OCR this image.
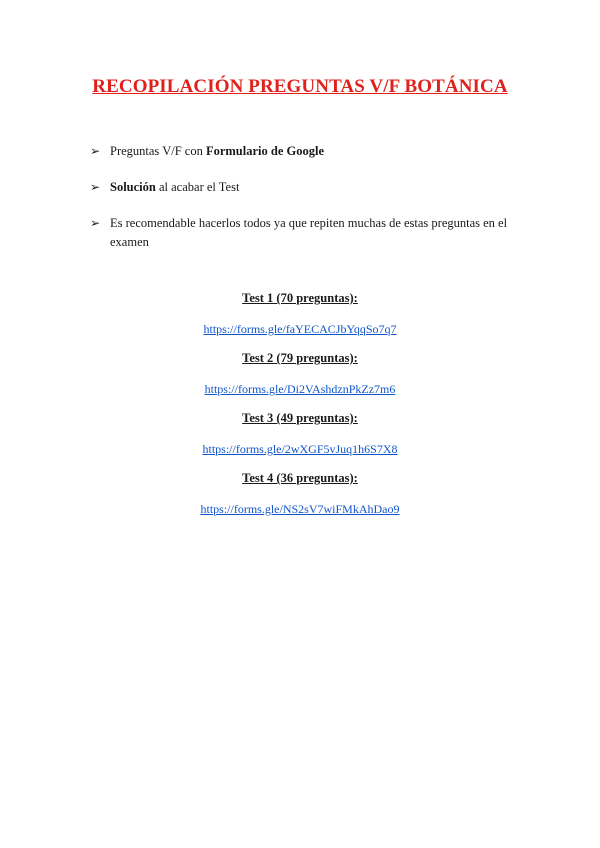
RECOPILACIÓN PREGUNTAS V/F BOTÁNICA
➢ Preguntas V/F con Formulario de Google
➢ Solución al acabar el Test
➢ Es recomendable hacerlos todos ya que repiten muchas de estas preguntas en el examen
Test 1 (70 preguntas):
https://forms.gle/faYECACJbYqqSo7q7
Test 2 (79 preguntas):
https://forms.gle/Di2VAshdznPkZz7m6
Test 3 (49 preguntas):
https://forms.gle/2wXGF5vJuq1h6S7X8
Test 4 (36 preguntas):
https://forms.gle/NS2sV7wiFMkAhDao9
